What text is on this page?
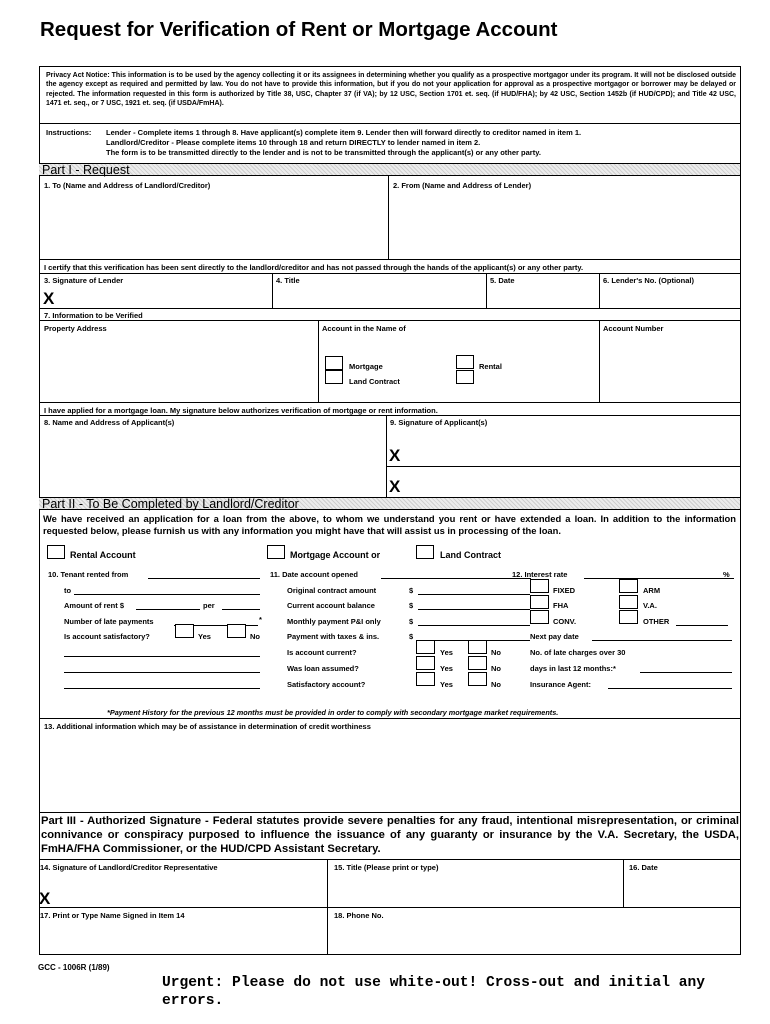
Request for Verification of Rent or Mortgage Account
Privacy Act Notice: This information is to be used by the agency collecting it or its assignees in determining whether you qualify as a prospective mortgagor under its program. It will not be disclosed outside the agency except as required and permitted by law. You do not have to provide this information, but if you do not your application for approval as a prospective mortgagor or borrower may be delayed or rejected. The information requested in this form is authorized by Title 38, USC, Chapter 37 (if VA); by 12 USC, Section 1701 et. seq. (if HUD/FHA); by 42 USC, Section 1452b (if HUD/CPD); and Title 42 USC, 1471 et. seq., or 7 USC, 1921 et. seq. (if USDA/FmHA).
Instructions: Lender - Complete items 1 through 8. Have applicant(s) complete item 9. Lender then will forward directly to creditor named in item 1.
Landlord/Creditor - Please complete items 10 through 18 and return DIRECTLY to lender named in item 2.
The form is to be transmitted directly to the lender and is not to be transmitted through the applicant(s) or any other party.
Part I - Request
1. To (Name and Address of Landlord/Creditor)	2. From (Name and Address of Lender)
I certify that this verification has been sent directly to the landlord/creditor and has not passed through the hands of the applicant(s) or any other party.
3. Signature of Lender	4. Title	5. Date	6. Lender's No. (Optional)
X
7. Information to be Verified
Property Address	Account in the Name of	Account Number
Mortgage
Land Contract
Rental
I have applied for a mortgage loan. My signature below authorizes verification of mortgage or rent information.
8. Name and Address of Applicant(s)	9. Signature of Applicant(s)
X
X
Part II - To Be Completed by Landlord/Creditor
We have received an application for a loan from the above, to whom we understand you rent or have extended a loan. In addition to the information requested below, please furnish us with any information you might have that will assist us in processing of the loan.
Rental Account	Mortgage Account or	Land Contract
10. Tenant rented from
to
Amount of rent $	per
Number of late payments	*
Is account satisfactory?	Yes	No
11. Date account opened
Original contract amount	$
Current account balance	$
Monthly payment P&I only	$
Payment with taxes & ins.	$
Is account current?	Yes	No
Was loan assumed?	Yes	No
Satisfactory account?	Yes	No
12. Interest rate	%
FIXED
FHA
CONV.
ARM
V.A.
OTHER
Next pay date
No. of late charges over 30
days in last 12 months:*
Insurance Agent:
*Payment History for the previous 12 months must be provided in order to comply with secondary mortgage market requirements.
13. Additional information which may be of assistance in determination of credit worthiness
Part III - Authorized Signature - Federal statutes provide severe penalties for any fraud, intentional misrepresentation, or criminal connivance or conspiracy purposed to influence the issuance of any guaranty or insurance by the V.A. Secretary, the USDA, FmHA/FHA Commissioner, or the HUD/CPD Assistant Secretary.
14. Signature of Landlord/Creditor Representative	15. Title (Please print or type)	16. Date
X
17. Print or Type Name Signed in Item 14	18. Phone No.
GCC - 1006R (1/89)
Urgent: Please do not use white-out! Cross-out and initial any errors.
